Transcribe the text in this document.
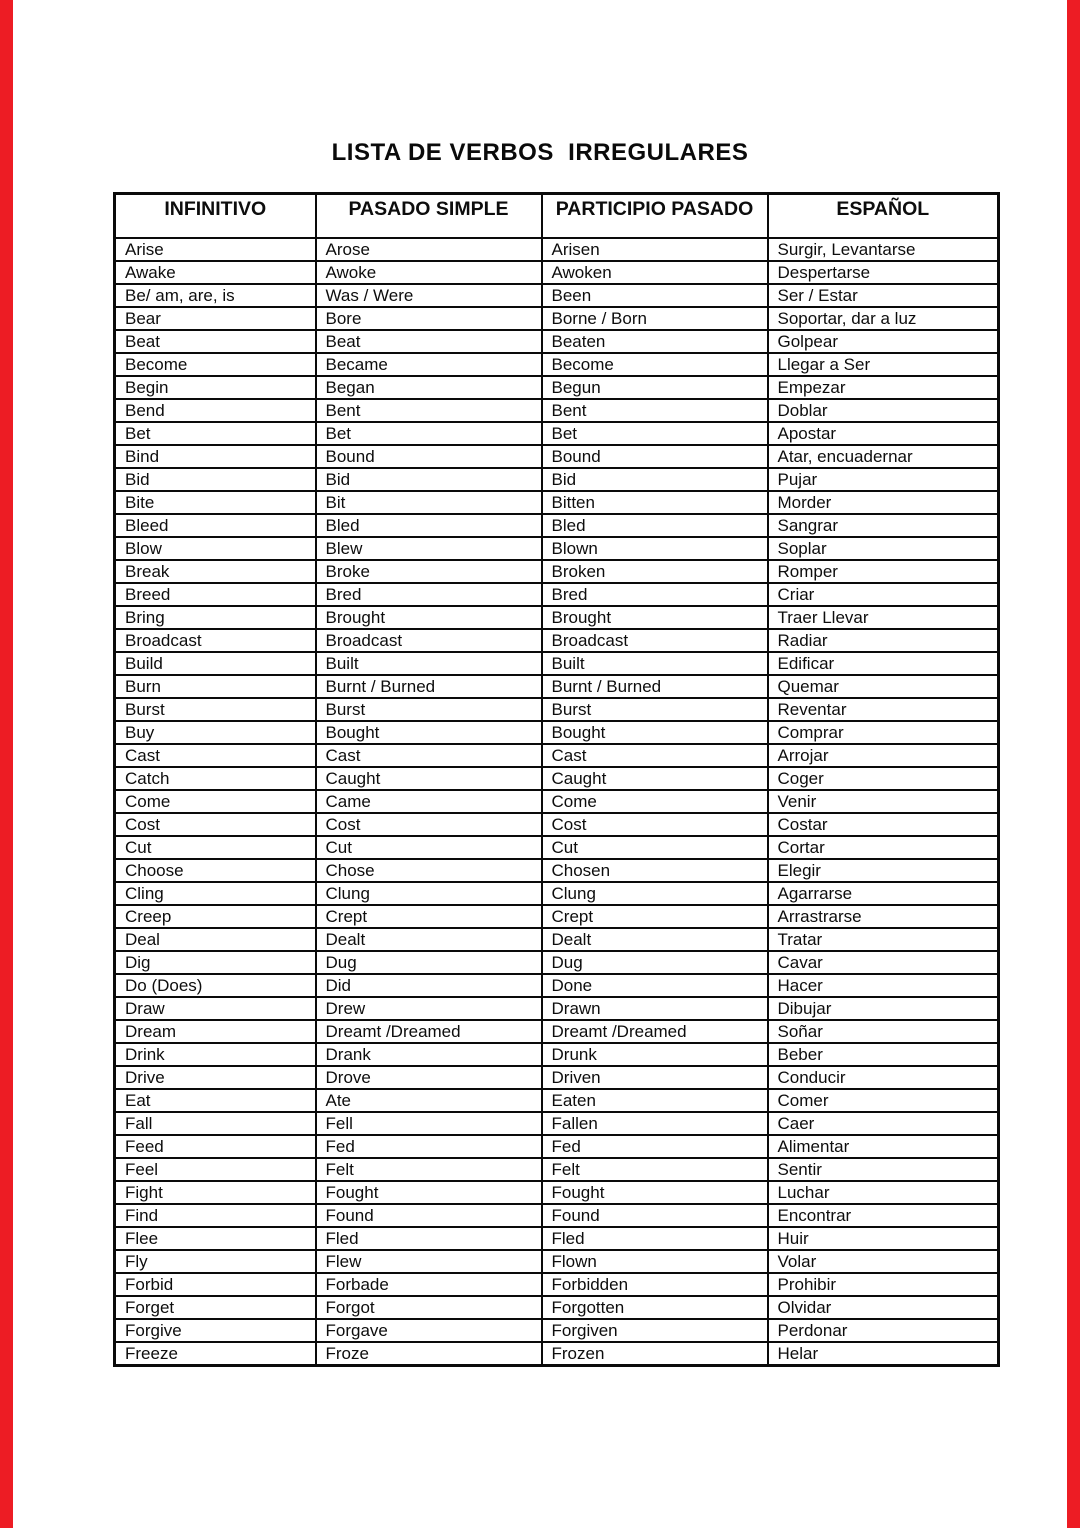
LISTA DE VERBOS  IRREGULARES
INFINITIVO	PASADO SIMPLE	PARTICIPIO PASADO	ESPAÑOL
Arise	Arose	Arisen	Surgir, Levantarse
Awake	Awoke	Awoken	Despertarse
Be/ am, are, is	Was / Were	Been	Ser / Estar
Bear	Bore	Borne / Born	Soportar, dar a luz
Beat	Beat	Beaten	Golpear
Become	Became	Become	Llegar a Ser
Begin	Began	Begun	Empezar
Bend	Bent	Bent	Doblar
Bet	Bet	Bet	Apostar
Bind	Bound	Bound	Atar, encuadernar
Bid	Bid	Bid	Pujar
Bite	Bit	Bitten	Morder
Bleed	Bled	Bled	Sangrar
Blow	Blew	Blown	Soplar
Break	Broke	Broken	Romper
Breed	Bred	Bred	Criar
Bring	Brought	Brought	Traer Llevar
Broadcast	Broadcast	Broadcast	Radiar
Build	Built	Built	Edificar
Burn	Burnt / Burned	Burnt / Burned	Quemar
Burst	Burst	Burst	Reventar
Buy	Bought	Bought	Comprar
Cast	Cast	Cast	Arrojar
Catch	Caught	Caught	Coger
Come	Came	Come	Venir
Cost	Cost	Cost	Costar
Cut	Cut	Cut	Cortar
Choose	Chose	Chosen	Elegir
Cling	Clung	Clung	Agarrarse
Creep	Crept	Crept	Arrastrarse
Deal	Dealt	Dealt	Tratar
Dig	Dug	Dug	Cavar
Do (Does)	Did	Done	Hacer
Draw	Drew	Drawn	Dibujar
Dream	Dreamt /Dreamed	Dreamt /Dreamed	Soñar
Drink	Drank	Drunk	Beber
Drive	Drove	Driven	Conducir
Eat	Ate	Eaten	Comer
Fall	Fell	Fallen	Caer
Feed	Fed	Fed	Alimentar
Feel	Felt	Felt	Sentir
Fight	Fought	Fought	Luchar
Find	Found	Found	Encontrar
Flee	Fled	Fled	Huir
Fly	Flew	Flown	Volar
Forbid	Forbade	Forbidden	Prohibir
Forget	Forgot	Forgotten	Olvidar
Forgive	Forgave	Forgiven	Perdonar
Freeze	Froze	Frozen	Helar
